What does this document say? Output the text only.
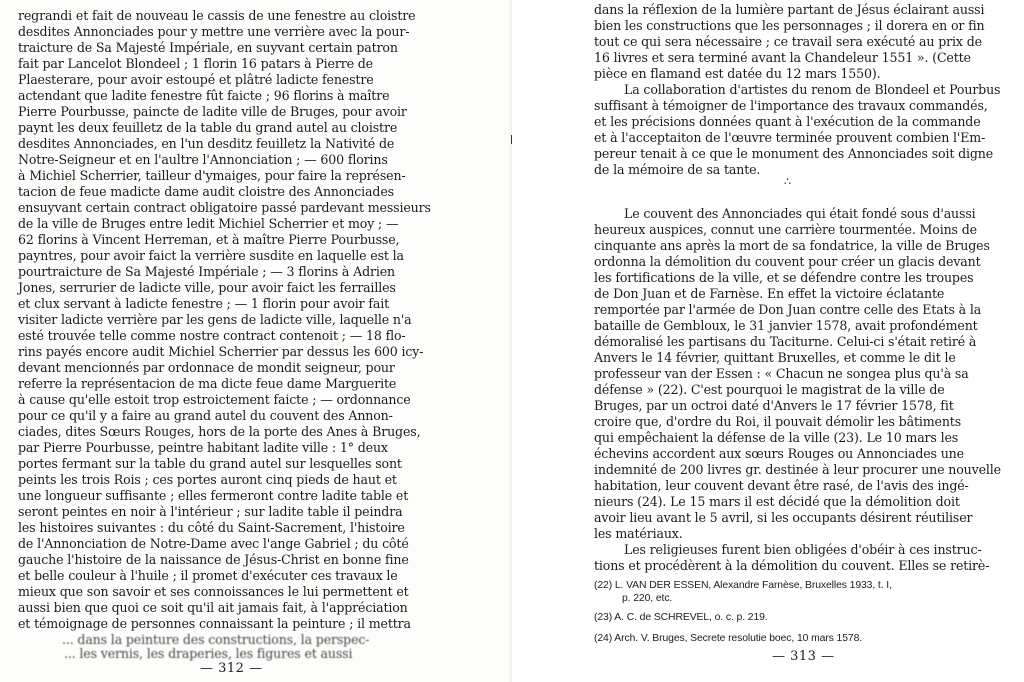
regrandi et fait de nouveau le cassis de une fenestre au cloistre
desdites Annonciades pour y mettre une verrière avec la pour-
traicture de Sa Majesté Impériale, en suyvant certain patron
fait par Lancelot Blondeel ; 1 florin 16 patars à Pierre de
Plaesterare, pour avoir estoupé et plâtré ladicte fenestre
actendant que ladite fenestre fût faicte ; 96 florins à maître
Pierre Pourbusse, paincte de ladite ville de Bruges, pour avoir
paynt les deux feuilletz de la table du grand autel au cloistre
desdites Annonciades, en l'un desditz feuilletz la Nativité de
Notre-Seigneur et en l'aultre l'Annonciation ; — 600 florins
à Michiel Scherrier, tailleur d'ymaiges, pour faire la représen-
tacion de feue madicte dame audit cloistre des Annonciades
ensuyvant certain contract obligatoire passé pardevant messieurs
de la ville de Bruges entre ledit Michiel Scherrier et moy ; —
62 florins à Vincent Herreman, et à maître Pierre Pourbusse,
payntres, pour avoir faict la verrière susdite en laquelle est la
pourtraicture de Sa Majesté Impériale ; — 3 florins à Adrien
Jones, serrurier de ladicte ville, pour avoir faict les ferrailles
et clux servant à ladicte fenestre ; — 1 florin pour avoir fait
visiter ladicte verrière par les gens de ladicte ville, laquelle n'a
esté trouvée telle comme nostre contract contenoit ; — 18 flo-
rins payés encore audit Michiel Scherrier par dessus les 600 icy-
devant mencionnés par ordonnace de mondit seigneur, pour
referre la représentacion de ma dicte feue dame Marguerite
à cause qu'elle estoit trop estroictement faicte ; — ordonnance
pour ce qu'il y a faire au grand autel du couvent des Annon-
ciades, dites Sœurs Rouges, hors de la porte des Anes à Bruges,
par Pierre Pourbusse, peintre habitant ladite ville : 1° deux
portes fermant sur la table du grand autel sur lesquelles sont
peints les trois Rois ; ces portes auront cinq pieds de haut et
une longueur suffisante ; elles fermeront contre ladite table et
seront peintes en noir à l'intérieur ; sur ladite table il peindra
les histoires suivantes : du côté du Saint-Sacrement, l'histoire
de l'Annonciation de Notre-Dame avec l'ange Gabriel ; du côté
gauche l'histoire de la naissance de Jésus-Christ en bonne fine
et belle couleur à l'huile ; il promet d'exécuter ces travaux le
mieux que son savoir et ses connoissances le lui permettent et
aussi bien que quoi ce soit qu'il ait jamais fait, à l'appréciation
et témoignage de personnes connaissant la peinture ; il mettra
... dans la peinture des constructions, la perspec-
... les vernis, les draperies, les figures et aussi
— 312 —
dans la réflexion de la lumière partant de Jésus éclairant aussi
bien les constructions que les personnages ; il dorera en or fin
tout ce qui sera nécessaire ; ce travail sera exécuté au prix de
16 livres et sera terminé avant la Chandeleur 1551 ». (Cette
pièce en flamand est datée du 12 mars 1550).
La collaboration d'artistes du renom de Blondeel et Pourbus
suffisant à témoigner de l'importance des travaux commandés,
et les précisions données quant à l'exécution de la commande
et à l'acceptaiton de l'œuvre terminée prouvent combien l'Em-
pereur tenait à ce que le monument des Annonciades soit digne
de la mémoire de sa tante.
∴
Le couvent des Annonciades qui était fondé sous d'aussi
heureux auspices, connut une carrière tourmentée. Moins de
cinquante ans après la mort de sa fondatrice, la ville de Bruges
ordonna la démolition du couvent pour créer un glacis devant
les fortifications de la ville, et se défendre contre les troupes
de Don Juan et de Farnèse. En effet la victoire éclatante
remportée par l'armée de Don Juan contre celle des Etats à la
bataille de Gembloux, le 31 janvier 1578, avait profondément
démoralisé les partisans du Taciturne. Celui-ci s'était retiré à
Anvers le 14 février, quittant Bruxelles, et comme le dit le
professeur van der Essen : « Chacun ne songea plus qu'à sa
défense » (22). C'est pourquoi le magistrat de la ville de
Bruges, par un octroi daté d'Anvers le 17 février 1578, fit
croire que, d'ordre du Roi, il pouvait démolir les bâtiments
qui empêchaient la défense de la ville (23). Le 10 mars les
échevins accordent aux sœurs Rouges ou Annonciades une
indemnité de 200 livres gr. destinée à leur procurer une nouvelle
habitation, leur couvent devant être rasé, de l'avis des ingé-
nieurs (24). Le 15 mars il est décidé que la démolition doit
avoir lieu avant le 5 avril, si les occupants désirent réutiliser
les matériaux.
Les religieuses furent bien obligées d'obéir à ces instruc-
tions et procédèrent à la démolition du couvent. Elles se retirè-
(22) L. VAN DER ESSEN, Alexandre Farnèse, Bruxelles 1933, t. I,
p. 220, etc.
(23) A. C. de SCHREVEL, o. c. p. 219.
(24) Arch. V. Bruges, Secrete resolutie boec, 10 mars 1578.
— 313 —
